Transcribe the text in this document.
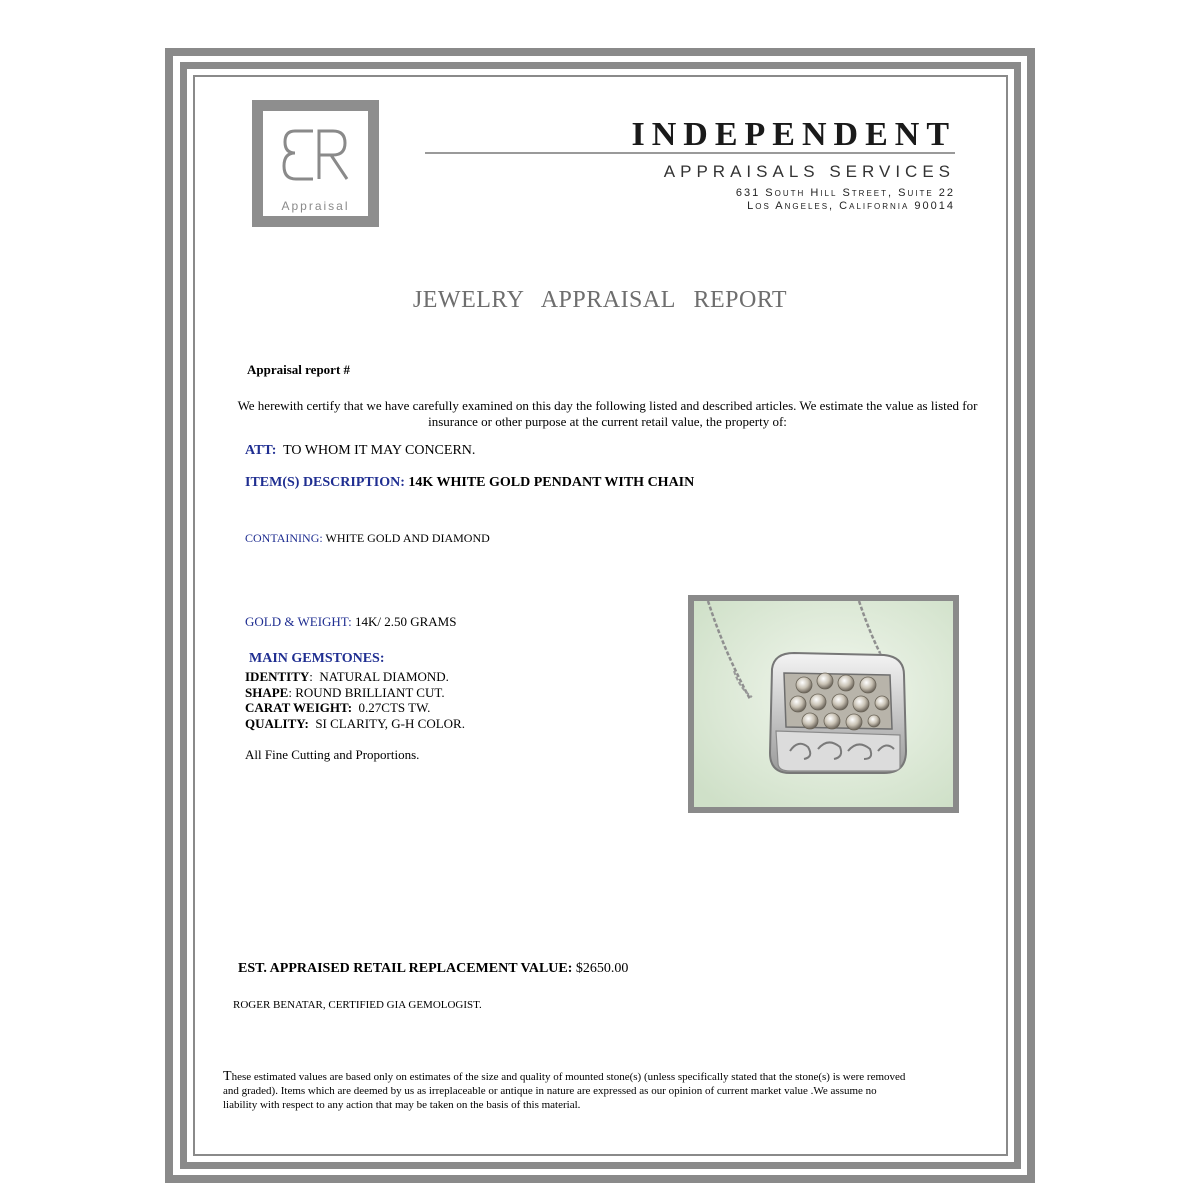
Appraisal
INDEPENDENT
APPRAISALS SERVICES
631 South Hill Street, Suite 22
Los Angeles, California 90014
JEWELRY APPRAISAL REPORT
Appraisal report #
We herewith certify that we have carefully examined on this day the following listed and described articles. We estimate the value as listed for insurance or other purpose at the current retail value, the property of:
ATT: TO WHOM IT MAY CONCERN.
ITEM(S) DESCRIPTION: 14K WHITE GOLD PENDANT WITH CHAIN
CONTAINING: WHITE GOLD AND DIAMOND
GOLD & WEIGHT: 14K/ 2.50 GRAMS
MAIN GEMSTONES:
IDENTITY:  NATURAL DIAMOND.
SHAPE: ROUND BRILLIANT CUT.
CARAT WEIGHT: 0.27CTS TW.
QUALITY: SI CLARITY, G-H COLOR.
All Fine Cutting and Proportions.
EST. APPRAISED RETAIL REPLACEMENT VALUE: $2650.00
ROGER BENATAR, CERTIFIED GIA GEMOLOGIST.
These estimated values are based only on estimates of the size and quality of mounted stone(s) (unless specifically stated that the stone(s) is were removed and graded). Items which are deemed by us as irreplaceable or antique in nature are expressed as our opinion of current market value .We assume no liability with respect to any action that may be taken on the basis of this material.
